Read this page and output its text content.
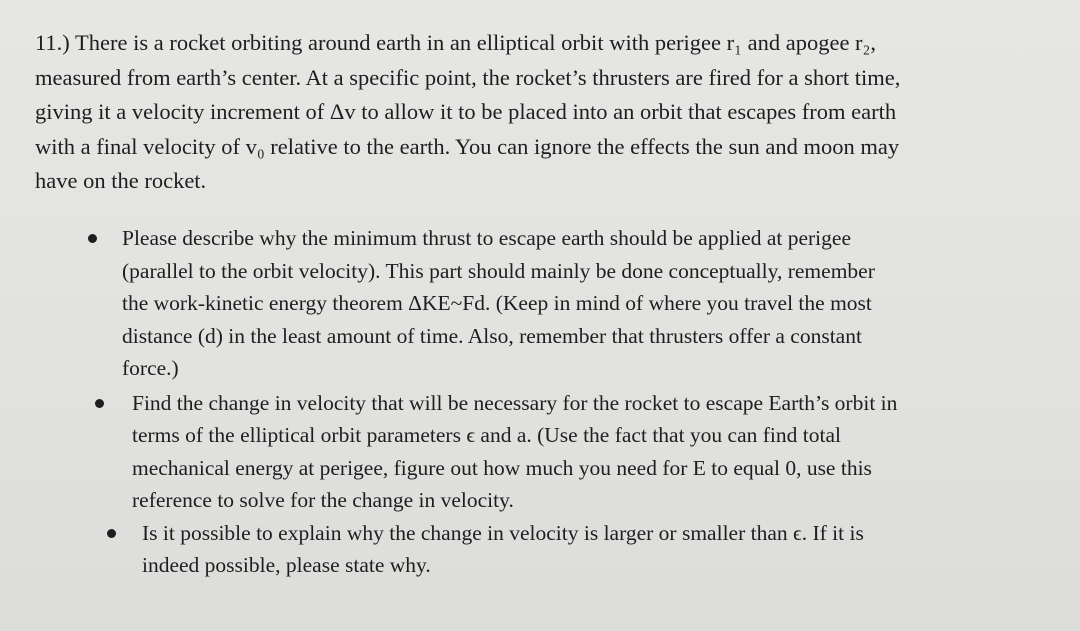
11.) There is a rocket orbiting around earth in an elliptical orbit with perigee r₁ and apogee r₂,
measured from earth’s center. At a specific point, the rocket’s thrusters are fired for a short time,
giving it a velocity increment of Δv to allow it to be placed into an orbit that escapes from earth
with a final velocity of v₀ relative to the earth. You can ignore the effects the sun and moon may
have on the rocket.
Please describe why the minimum thrust to escape earth should be applied at perigee
(parallel to the orbit velocity). This part should mainly be done conceptually, remember
the work-kinetic energy theorem ΔKE~Fd. (Keep in mind of where you travel the most
distance (d) in the least amount of time. Also, remember that thrusters offer a constant
force.)
Find the change in velocity that will be necessary for the rocket to escape Earth’s orbit in
terms of the elliptical orbit parameters ϵ and a. (Use the fact that you can find total
mechanical energy at perigee, figure out how much you need for E to equal 0, use this
reference to solve for the change in velocity.
Is it possible to explain why the change in velocity is larger or smaller than ϵ. If it is
indeed possible, please state why.
